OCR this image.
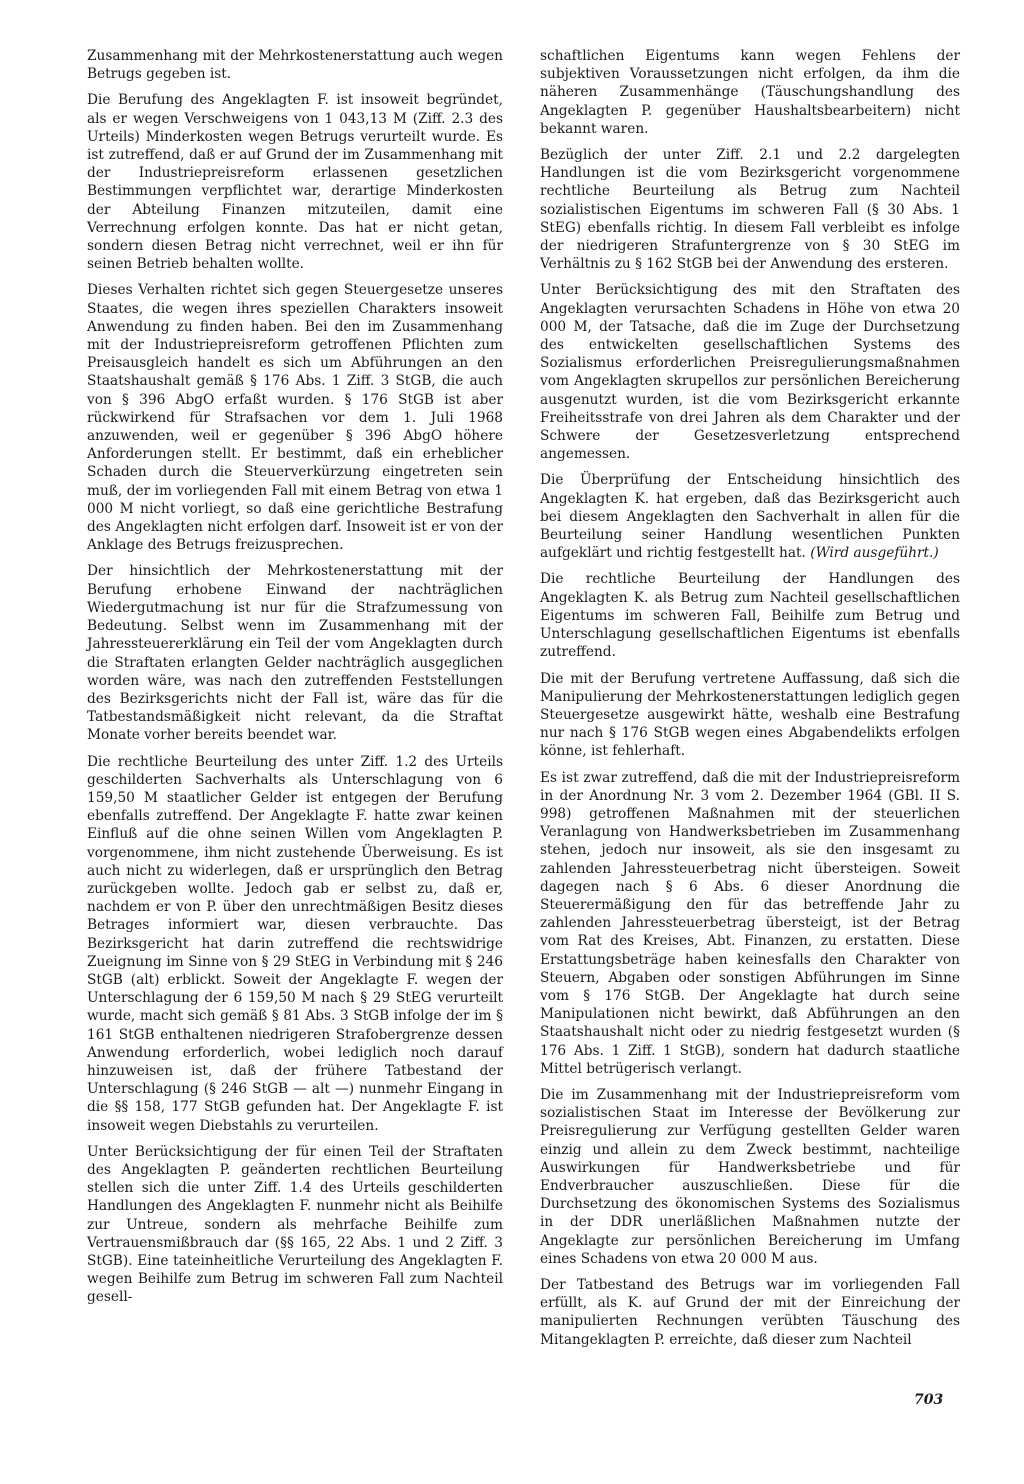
Zusammenhang mit der Mehrkostenerstattung auch wegen Betrugs gegeben ist.

Die Berufung des Angeklagten F. ist insoweit begründet, als er wegen Verschweigens von 1 043,13 M (Ziff. 2.3 des Urteils) Minderkosten wegen Betrugs verurteilt wurde. Es ist zutreffend, daß er auf Grund der im Zusammenhang mit der Industriepreisreform erlassenen gesetzlichen Bestimmungen verpflichtet war, derartige Minderkosten der Abteilung Finanzen mitzuteilen, damit eine Verrechnung erfolgen konnte. Das hat er nicht getan, sondern diesen Betrag nicht verrechnet, weil er ihn für seinen Betrieb behalten wollte.

Dieses Verhalten richtet sich gegen Steuergesetze unseres Staates, die wegen ihres speziellen Charakters insoweit Anwendung zu finden haben. Bei den im Zusammenhang mit der Industriepreisreform getroffenen Pflichten zum Preisausgleich handelt es sich um Abführungen an den Staatshaushalt gemäß § 176 Abs. 1 Ziff. 3 StGB, die auch von § 396 AbgO erfaßt wurden. § 176 StGB ist aber rückwirkend für Strafsachen vor dem 1. Juli 1968 anzuwenden, weil er gegenüber § 396 AbgO höhere Anforderungen stellt. Er bestimmt, daß ein erheblicher Schaden durch die Steuerverkürzung eingetreten sein muß, der im vorliegenden Fall mit einem Betrag von etwa 1 000 M nicht vorliegt, so daß eine gerichtliche Bestrafung des Angeklagten nicht erfolgen darf. Insoweit ist er von der Anklage des Betrugs freizusprechen.

Der hinsichtlich der Mehrkostenerstattung mit der Berufung erhobene Einwand der nachträglichen Wiedergutmachung ist nur für die Strafzumessung von Bedeutung. Selbst wenn im Zusammenhang mit der Jahressteuererklärung ein Teil der vom Angeklagten durch die Straftaten erlangten Gelder nachträglich ausgeglichen worden wäre, was nach den zutreffenden Feststellungen des Bezirksgerichts nicht der Fall ist, wäre das für die Tatbestandsmäßigkeit nicht relevant, da die Straftat Monate vorher bereits beendet war.

Die rechtliche Beurteilung des unter Ziff. 1.2 des Urteils geschilderten Sachverhalts als Unterschlagung von 6 159,50 M staatlicher Gelder ist entgegen der Berufung ebenfalls zutreffend. Der Angeklagte F. hatte zwar keinen Einfluß auf die ohne seinen Willen vom Angeklagten P. vorgenommene, ihm nicht zustehende Überweisung. Es ist auch nicht zu widerlegen, daß er ursprünglich den Betrag zurückgeben wollte. Jedoch gab er selbst zu, daß er, nachdem er von P. über den unrechtmäßigen Besitz dieses Betrages informiert war, diesen verbrauchte. Das Bezirksgericht hat darin zutreffend die rechtswidrige Zueignung im Sinne von § 29 StEG in Verbindung mit § 246 StGB (alt) erblickt. Soweit der Angeklagte F. wegen der Unterschlagung der 6 159,50 M nach § 29 StEG verurteilt wurde, macht sich gemäß § 81 Abs. 3 StGB infolge der im § 161 StGB enthaltenen niedrigeren Strafobergrenze dessen Anwendung erforderlich, wobei lediglich noch darauf hinzuweisen ist, daß der frühere Tatbestand der Unterschlagung (§ 246 StGB — alt —) nunmehr Eingang in die §§ 158, 177 StGB gefunden hat. Der Angeklagte F. ist insoweit wegen Diebstahls zu verurteilen.

Unter Berücksichtigung der für einen Teil der Straftaten des Angeklagten P. geänderten rechtlichen Beurteilung stellen sich die unter Ziff. 1.4 des Urteils geschilderten Handlungen des Angeklagten F. nunmehr nicht als Beihilfe zur Untreue, sondern als mehrfache Beihilfe zum Vertrauensmißbrauch dar (§§ 165, 22 Abs. 1 und 2 Ziff. 3 StGB). Eine tateinheitliche Verurteilung des Angeklagten F. wegen Beihilfe zum Betrug im schweren Fall zum Nachteil gesell-

schaftlichen Eigentums kann wegen Fehlens der subjektiven Voraussetzungen nicht erfolgen, da ihm die näheren Zusammenhänge (Täuschungshandlung des Angeklagten P. gegenüber Haushaltsbearbeitern) nicht bekannt waren.

Bezüglich der unter Ziff. 2.1 und 2.2 dargelegten Handlungen ist die vom Bezirksgericht vorgenommene rechtliche Beurteilung als Betrug zum Nachteil sozialistischen Eigentums im schweren Fall (§ 30 Abs. 1 StEG) ebenfalls richtig. In diesem Fall verbleibt es infolge der niedrigeren Strafuntergrenze von § 30 StEG im Verhältnis zu § 162 StGB bei der Anwendung des ersteren.

Unter Berücksichtigung des mit den Straftaten des Angeklagten verursachten Schadens in Höhe von etwa 20 000 M, der Tatsache, daß die im Zuge der Durchsetzung des entwickelten gesellschaftlichen Systems des Sozialismus erforderlichen Preisregulierungsmaßnahmen vom Angeklagten skrupellos zur persönlichen Bereicherung ausgenutzt wurden, ist die vom Bezirksgericht erkannte Freiheitsstrafe von drei Jahren als dem Charakter und der Schwere der Gesetzesverletzung entsprechend angemessen.

Die Überprüfung der Entscheidung hinsichtlich des Angeklagten K. hat ergeben, daß das Bezirksgericht auch bei diesem Angeklagten den Sachverhalt in allen für die Beurteilung seiner Handlung wesentlichen Punkten aufgeklärt und richtig festgestellt hat. (Wird ausgeführt.)

Die rechtliche Beurteilung der Handlungen des Angeklagten K. als Betrug zum Nachteil gesellschaftlichen Eigentums im schweren Fall, Beihilfe zum Betrug und Unterschlagung gesellschaftlichen Eigentums ist ebenfalls zutreffend.

Die mit der Berufung vertretene Auffassung, daß sich die Manipulierung der Mehrkostenerstattungen lediglich gegen Steuergesetze ausgewirkt hätte, weshalb eine Bestrafung nur nach § 176 StGB wegen eines Abgabendelikts erfolgen könne, ist fehlerhaft.

Es ist zwar zutreffend, daß die mit der Industriepreisreform in der Anordnung Nr. 3 vom 2. Dezember 1964 (GBl. II S. 998) getroffenen Maßnahmen mit der steuerlichen Veranlagung von Handwerksbetrieben im Zusammenhang stehen, jedoch nur insoweit, als sie den insgesamt zu zahlenden Jahressteuerbetrag nicht übersteigen. Soweit dagegen nach § 6 Abs. 6 dieser Anordnung die Steuerermäßigung den für das betreffende Jahr zu zahlenden Jahressteuerbetrag übersteigt, ist der Betrag vom Rat des Kreises, Abt. Finanzen, zu erstatten. Diese Erstattungsbeträge haben keinesfalls den Charakter von Steuern, Abgaben oder sonstigen Abführungen im Sinne vom § 176 StGB. Der Angeklagte hat durch seine Manipulationen nicht bewirkt, daß Abführungen an den Staatshaushalt nicht oder zu niedrig festgesetzt wurden (§ 176 Abs. 1 Ziff. 1 StGB), sondern hat dadurch staatliche Mittel betrügerisch verlangt.

Die im Zusammenhang mit der Industriepreisreform vom sozialistischen Staat im Interesse der Bevölkerung zur Preisregulierung zur Verfügung gestellten Gelder waren einzig und allein zu dem Zweck bestimmt, nachteilige Auswirkungen für Handwerksbetriebe und für Endverbraucher auszuschließen. Diese für die Durchsetzung des ökonomischen Systems des Sozialismus in der DDR unerläßlichen Maßnahmen nutzte der Angeklagte zur persönlichen Bereicherung im Umfang eines Schadens von etwa 20 000 M aus.

Der Tatbestand des Betrugs war im vorliegenden Fall erfüllt, als K. auf Grund der mit der Einreichung der manipulierten Rechnungen verübten Täuschung des Mitangeklagten P. erreichte, daß dieser zum Nachteil

703
